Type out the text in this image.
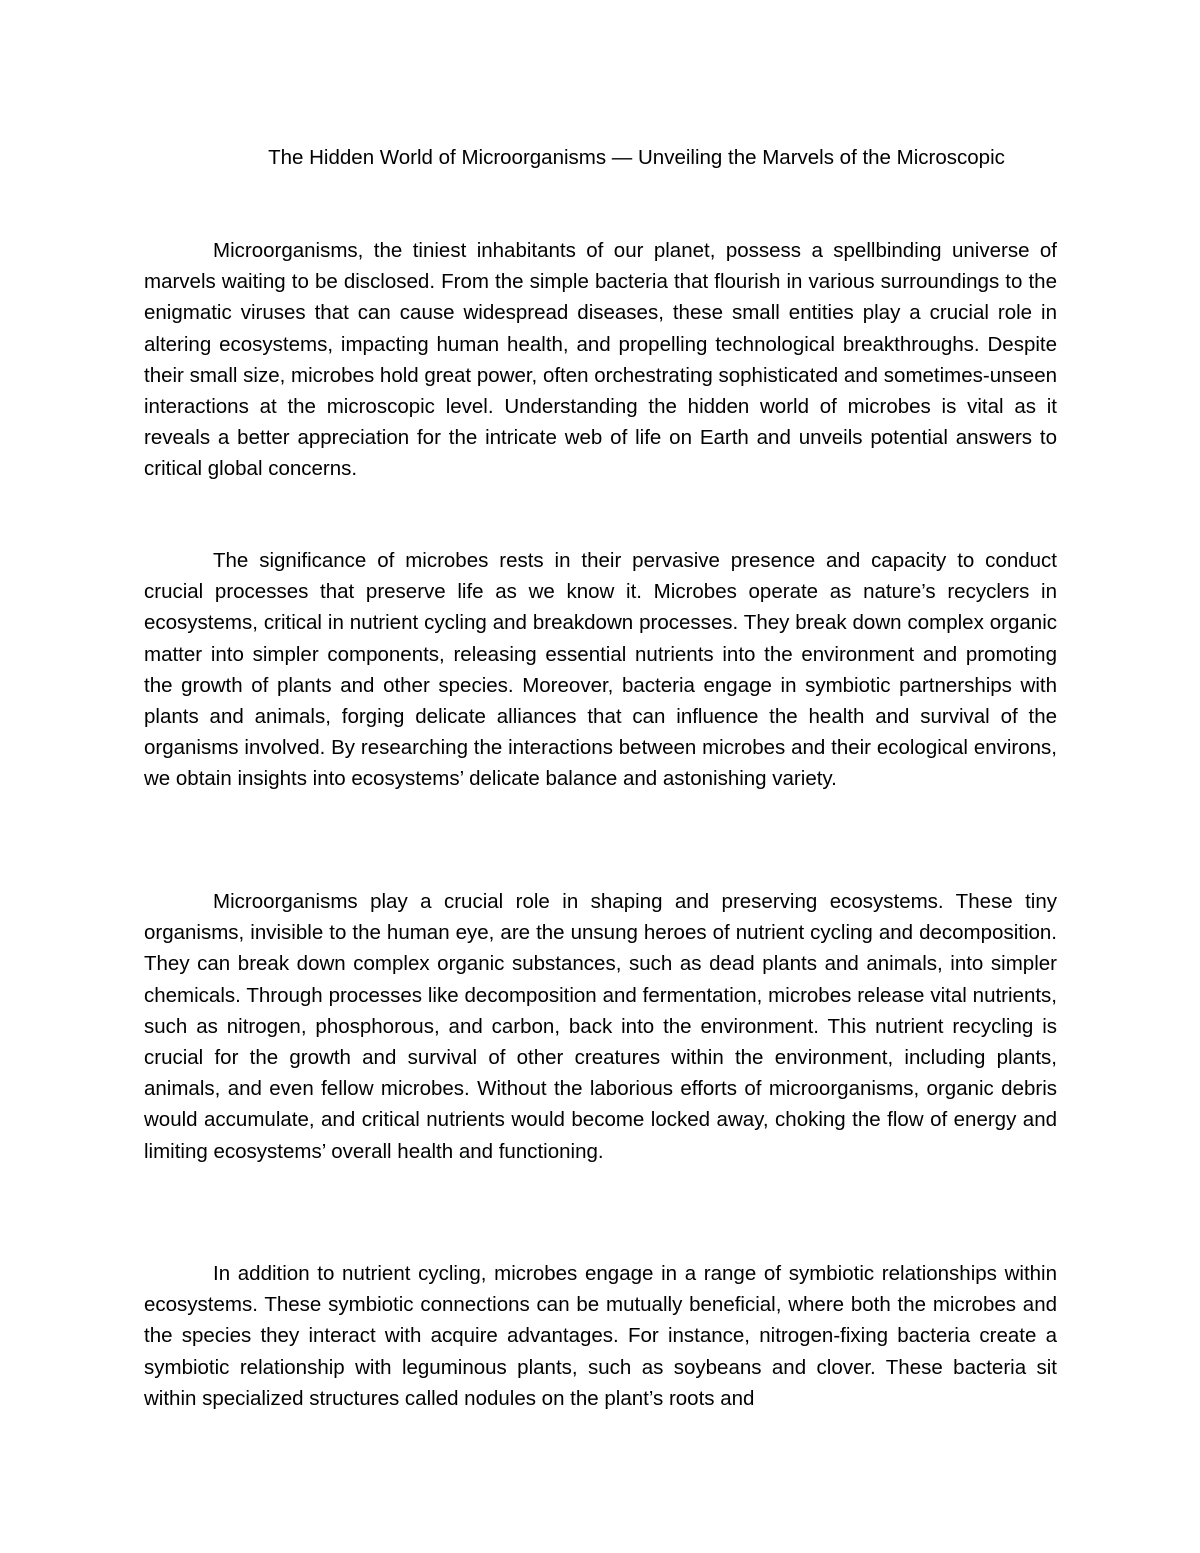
The Hidden World of Microorganisms — Unveiling the Marvels of the Microscopic

Microorganisms, the tiniest inhabitants of our planet, possess a spellbinding universe of marvels waiting to be disclosed. From the simple bacteria that flourish in various surroundings to the enigmatic viruses that can cause widespread diseases, these small entities play a crucial role in altering ecosystems, impacting human health, and propelling technological breakthroughs. Despite their small size, microbes hold great power, often orchestrating sophisticated and sometimes-unseen interactions at the microscopic level. Understanding the hidden world of microbes is vital as it reveals a better appreciation for the intricate web of life on Earth and unveils potential answers to critical global concerns.

The significance of microbes rests in their pervasive presence and capacity to conduct crucial processes that preserve life as we know it. Microbes operate as nature’s recyclers in ecosystems, critical in nutrient cycling and breakdown processes. They break down complex organic matter into simpler components, releasing essential nutrients into the environment and promoting the growth of plants and other species. Moreover, bacteria engage in symbiotic partnerships with plants and animals, forging delicate alliances that can influence the health and survival of the organisms involved. By researching the interactions between microbes and their ecological environs, we obtain insights into ecosystems’ delicate balance and astonishing variety.

Microorganisms play a crucial role in shaping and preserving ecosystems. These tiny organisms, invisible to the human eye, are the unsung heroes of nutrient cycling and decomposition. They can break down complex organic substances, such as dead plants and animals, into simpler chemicals. Through processes like decomposition and fermentation, microbes release vital nutrients, such as nitrogen, phosphorous, and carbon, back into the environment. This nutrient recycling is crucial for the growth and survival of other creatures within the environment, including plants, animals, and even fellow microbes. Without the laborious efforts of microorganisms, organic debris would accumulate, and critical nutrients would become locked away, choking the flow of energy and limiting ecosystems’ overall health and functioning.

In addition to nutrient cycling, microbes engage in a range of symbiotic relationships within ecosystems. These symbiotic connections can be mutually beneficial, where both the microbes and the species they interact with acquire advantages. For instance, nitrogen-fixing bacteria create a symbiotic relationship with leguminous plants, such as soybeans and clover. These bacteria sit within specialized structures called nodules on the plant’s roots and
